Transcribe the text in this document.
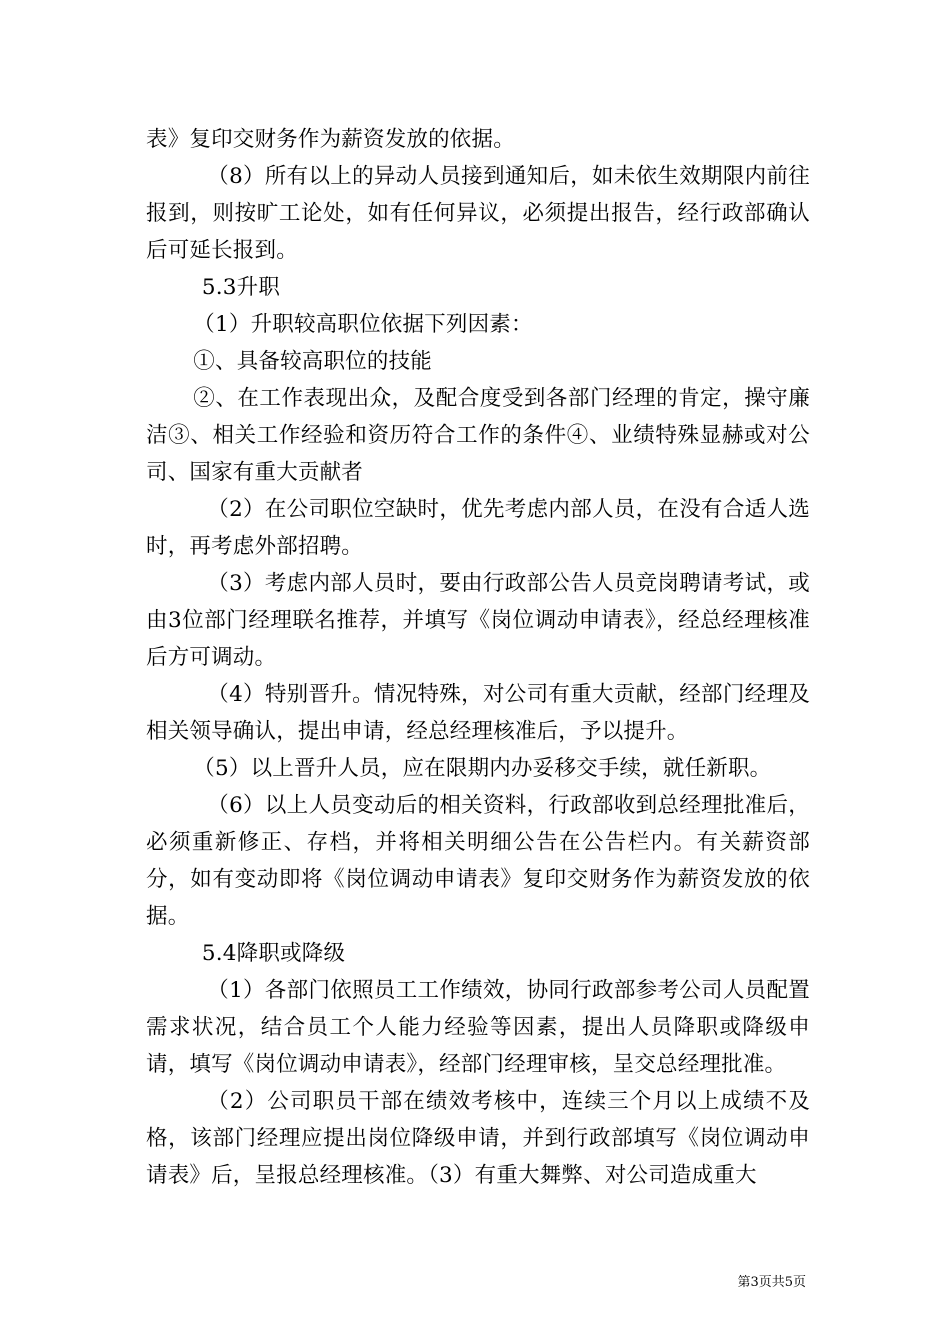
表》复印交财务作为薪资发放的依据。

（8）所有以上的异动人员接到通知后，如未依生效期限内前往报到，则按旷工论处，如有任何异议，必须提出报告，经行政部确认后可延长报到。

5.3升职

（1）升职较高职位依据下列因素：

①、具备较高职位的技能

②、在工作表现出众，及配合度受到各部门经理的肯定，操守廉洁③、相关工作经验和资历符合工作的条件④、业绩特殊显赫或对公司、国家有重大贡献者

（2）在公司职位空缺时，优先考虑内部人员，在没有合适人选时，再考虑外部招聘。

（3）考虑内部人员时，要由行政部公告人员竞岗聘请考试，或由3位部门经理联名推荐，并填写《岗位调动申请表》，经总经理核准后方可调动。

（4）特别晋升。情况特殊，对公司有重大贡献，经部门经理及相关领导确认，提出申请，经总经理核准后，予以提升。

（5）以上晋升人员，应在限期内办妥移交手续，就任新职。

（6）以上人员变动后的相关资料，行政部收到总经理批准后，必须重新修正、存档，并将相关明细公告在公告栏内。有关薪资部分，如有变动即将《岗位调动申请表》复印交财务作为薪资发放的依据。

5.4降职或降级

（1）各部门依照员工工作绩效，协同行政部参考公司人员配置需求状况，结合员工个人能力经验等因素，提出人员降职或降级申请，填写《岗位调动申请表》，经部门经理审核，呈交总经理批准。

（2）公司职员干部在绩效考核中，连续三个月以上成绩不及格，该部门经理应提出岗位降级申请，并到行政部填写《岗位调动申请表》后，呈报总经理核准。（3）有重大舞弊、对公司造成重大

第3页共5页
